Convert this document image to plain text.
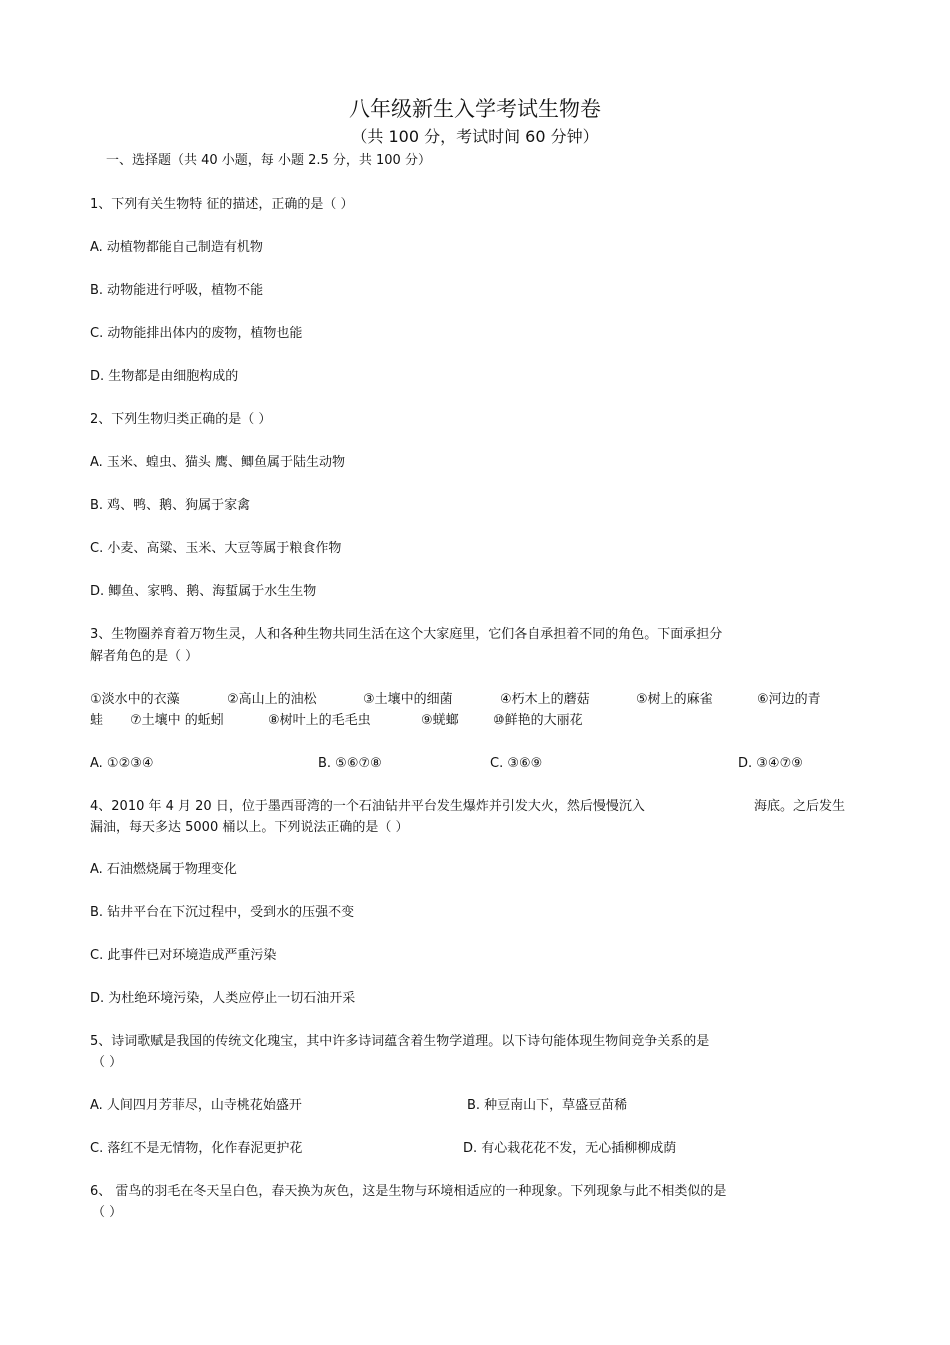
八年级新生入学考试生物卷
（共 100 分，考试时间 60 分钟）
一、选择题（共 40 小题，每 小题 2.5 分，共 100 分）
1、下列有关生物特 征的描述，正确的是（ ）
A. 动植物都能自己制造有机物
B. 动物能进行呼吸，植物不能
C. 动物能排出体内的废物，植物也能
D. 生物都是由细胞构成的
2、下列生物归类正确的是（ ）
A. 玉米、蝗虫、猫头 鹰、鲫鱼属于陆生动物
B. 鸡、鸭、鹅、狗属于家禽
C. 小麦、高粱、玉米、大豆等属于粮食作物
D. 鲫鱼、家鸭、鹅、海蜇属于水生生物
3、生物圈养育着万物生灵，人和各种生物共同生活在这个大家庭里，它们各自承担着不同的角色。下面承担分
解者角色的是（ ）
①淡水中的衣藻	②高山上的油松	③土壤中的细菌	④朽木上的蘑菇	⑤树上的麻雀	⑥河边的青
蛙 ⑦土壤中 的蚯蚓	⑧树叶上的毛毛虫	⑨蜣螂	⑩鲜艳的大丽花
A. ①②③④	B. ⑤⑥⑦⑧	C. ③⑥⑨	D. ③④⑦⑨
4、2010 年 4 月 20 日，位于墨西哥湾的一个石油钻井平台发生爆炸并引发大火，然后慢慢沉入	海底。之后发生
漏油，每天多达 5000 桶以上。下列说法正确的是（ ）
A. 石油燃烧属于物理变化
B. 钻井平台在下沉过程中，受到水的压强不变
C. 此事件已对环境造成严重污染
D. 为杜绝环境污染，人类应停止一切石油开采
5、诗词歌赋是我国的传统文化瑰宝，其中许多诗词蕴含着生物学道理。以下诗句能体现生物间竞争关系的是
（ ）
A. 人间四月芳菲尽，山寺桃花始盛开	B. 种豆南山下，草盛豆苗稀
C. 落红不是无情物，化作春泥更护花	D. 有心栽花花不发，无心插柳柳成荫
6、 雷鸟的羽毛在冬天呈白色，春天换为灰色，这是生物与环境相适应的一种现象。下列现象与此不相类似的是
（ ）
